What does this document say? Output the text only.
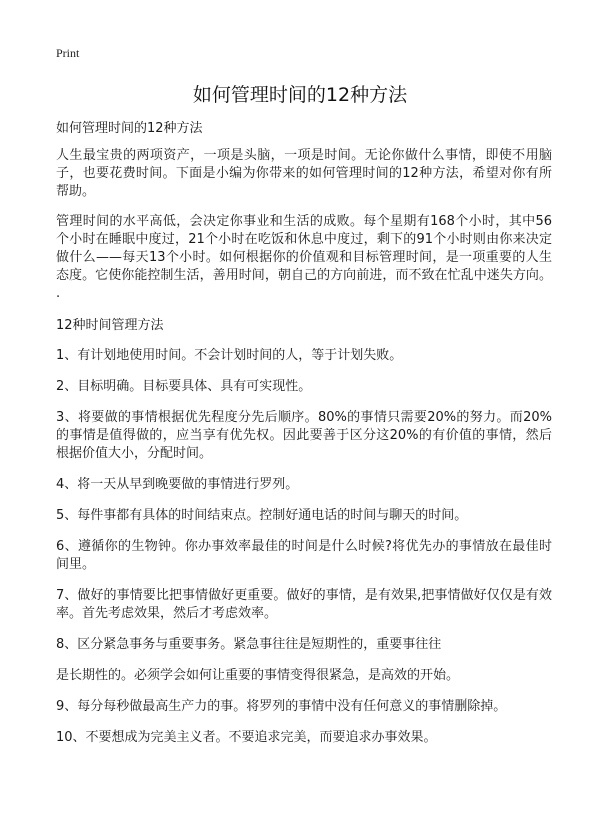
Print
如何管理时间的12种方法

如何管理时间的12种方法

人生最宝贵的两项资产，一项是头脑，一项是时间。无论你做什么事情，即使不用脑子，也要花费时间。下面是小编为你带来的如何管理时间的12种方法，希望对你有所帮助。

管理时间的水平高低，会决定你事业和生活的成败。每个星期有168个小时，其中56个小时在睡眠中度过，21个小时在吃饭和休息中度过，剩下的91个小时则由你来决定做什么——每天13个小时。如何根据你的价值观和目标管理时间，是一项重要的人生态度。它使你能控制生活，善用时间，朝自己的方向前进，而不致在忙乱中迷失方向。 .

12种时间管理方法

1、有计划地使用时间。不会计划时间的人，等于计划失败。

2、目标明确。目标要具体、具有可实现性。

3、将要做的事情根据优先程度分先后顺序。80%的事情只需要20%的努力。而20%的事情是值得做的，应当享有优先权。因此要善于区分这20%的有价值的事情，然后根据价值大小，分配时间。

4、将一天从早到晚要做的事情进行罗列。

5、每件事都有具体的时间结束点。控制好通电话的时间与聊天的时间。

6、遵循你的生物钟。你办事效率最佳的时间是什么时候?将优先办的事情放在最佳时间里。

7、做好的事情要比把事情做好更重要。做好的事情，是有效果,把事情做好仅仅是有效率。首先考虑效果，然后才考虑效率。

8、区分紧急事务与重要事务。紧急事往往是短期性的，重要事往往

是长期性的。必须学会如何让重要的事情变得很紧急，是高效的开始。

9、每分每秒做最高生产力的事。将罗列的事情中没有任何意义的事情删除掉。

10、不要想成为完美主义者。不要追求完美，而要追求办事效果。
